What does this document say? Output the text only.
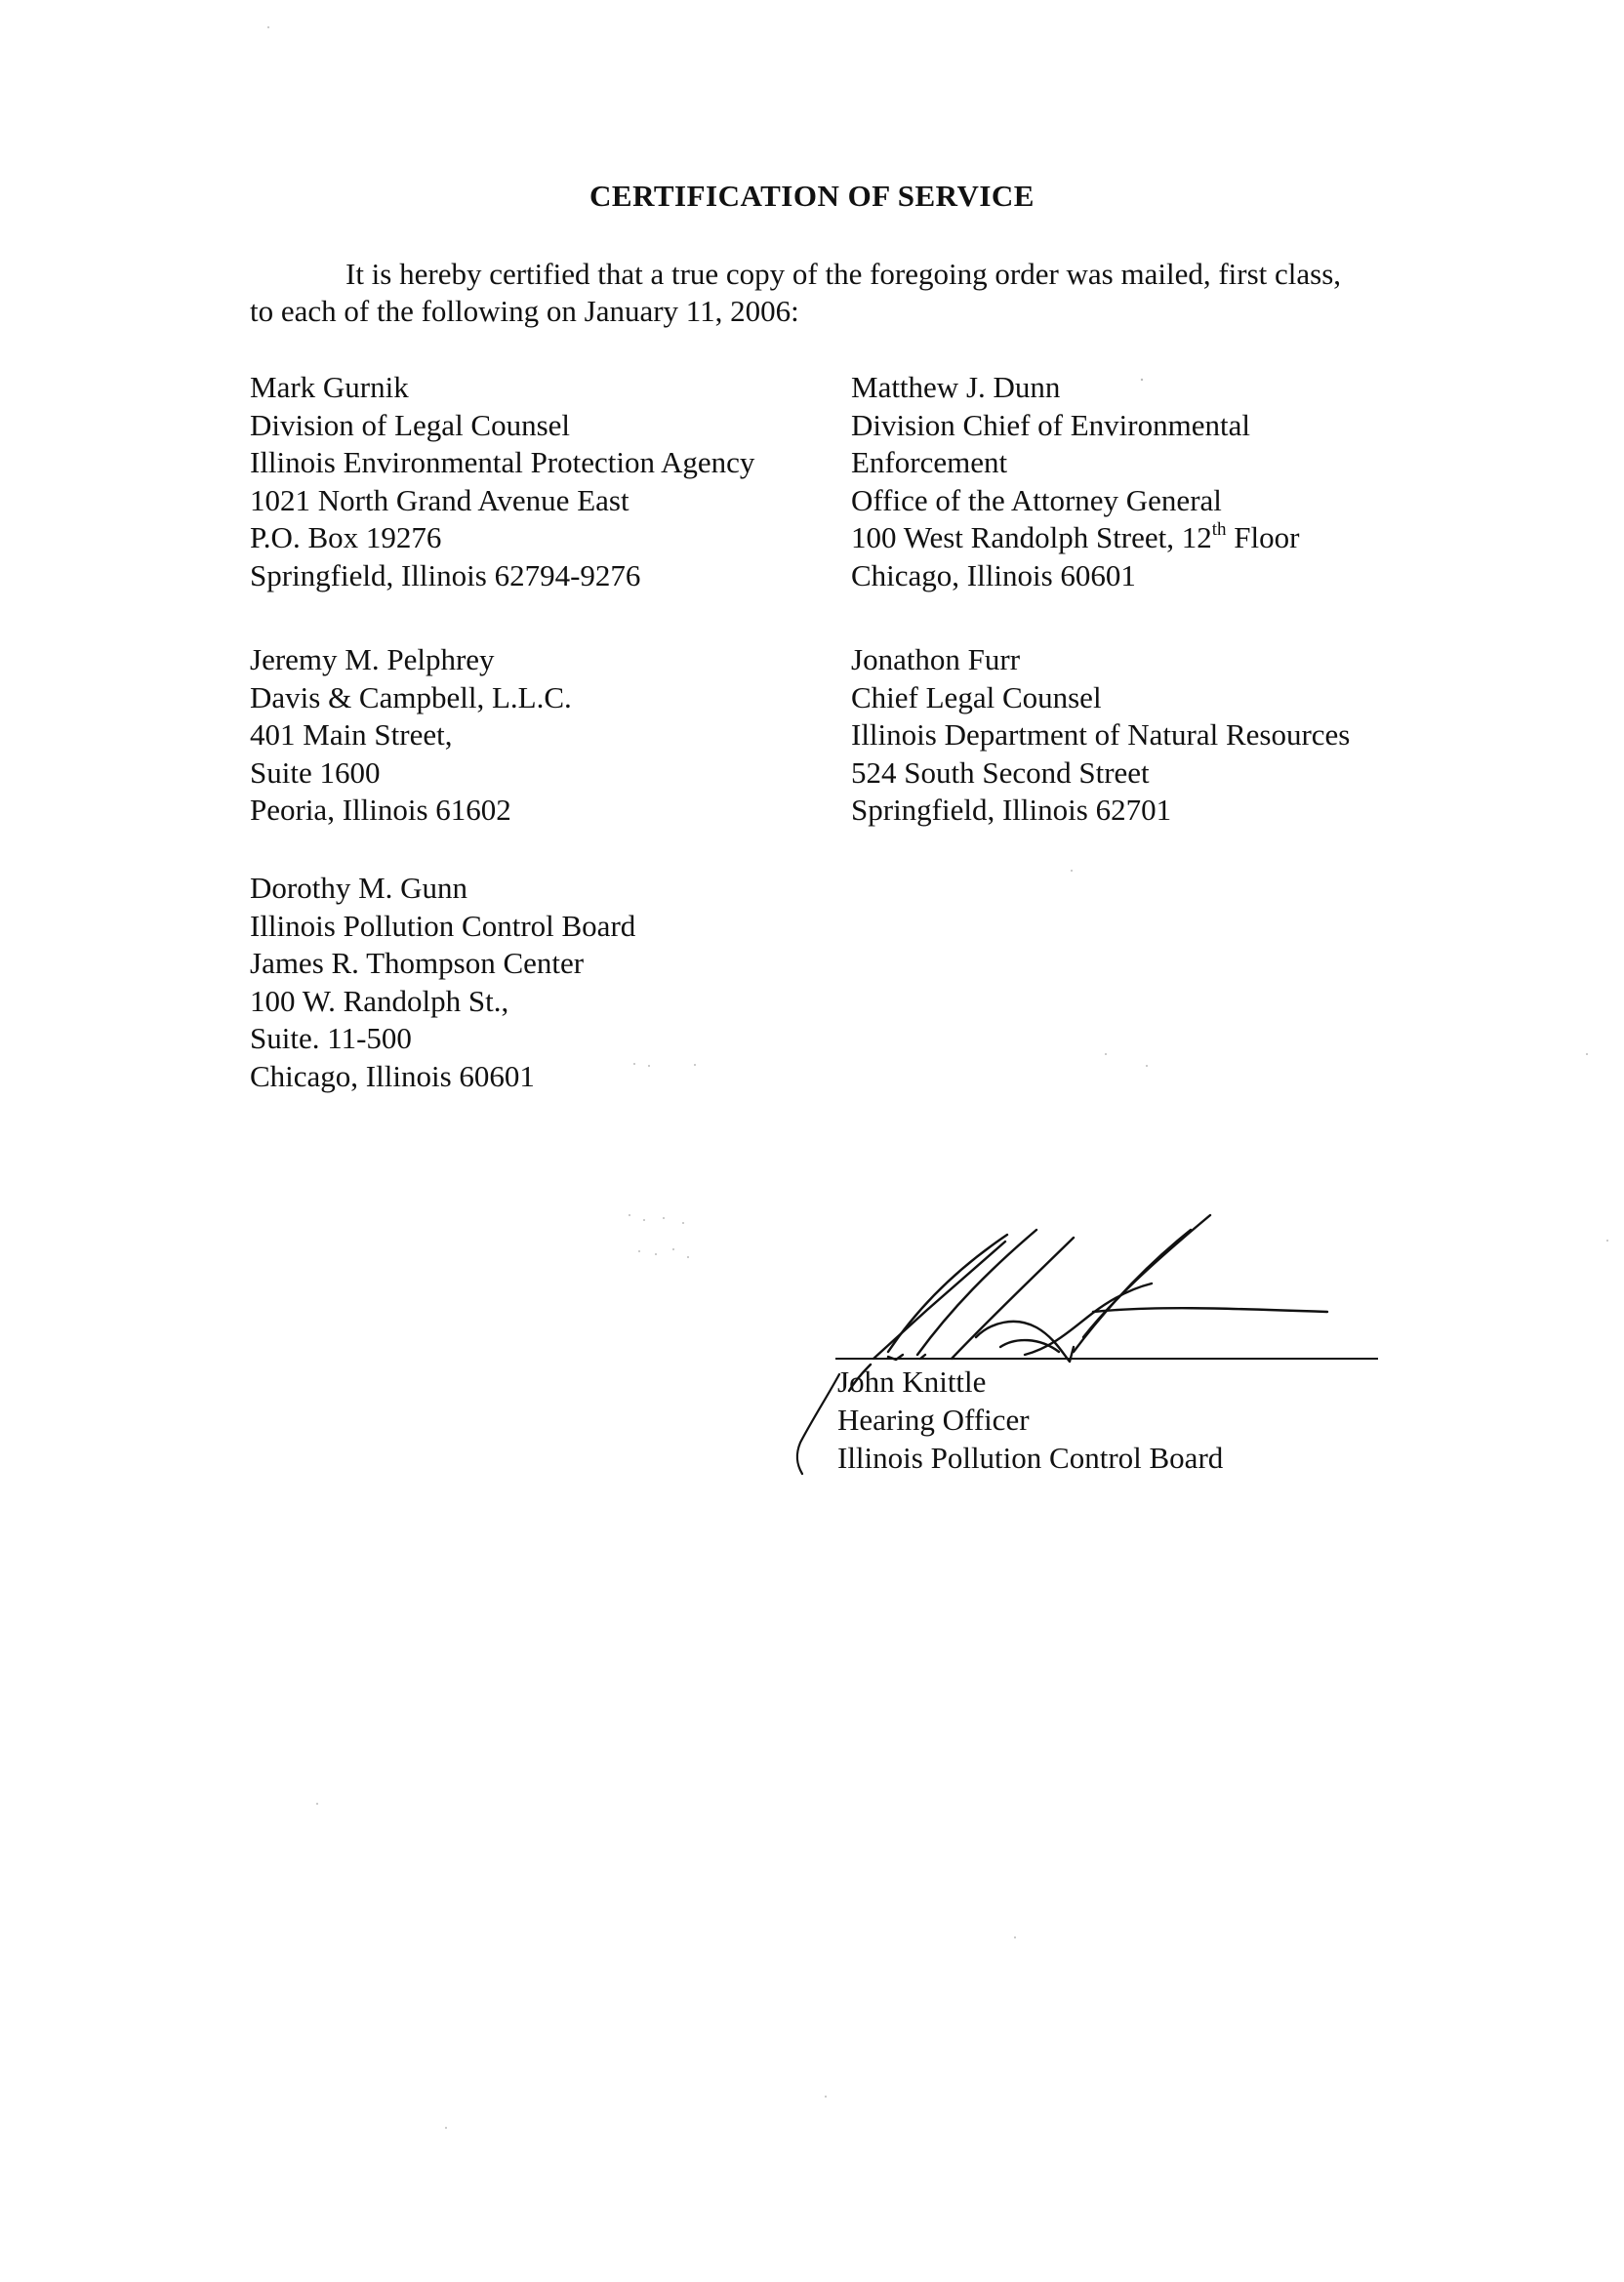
CERTIFICATION OF SERVICE
It is hereby certified that a true copy of the foregoing order was mailed, first class,
to each of the following on January 11, 2006:
Mark Gurnik
Division of Legal Counsel
Illinois Environmental Protection Agency
1021 North Grand Avenue East
P.O. Box 19276
Springfield, Illinois 62794-9276
Jeremy M. Pelphrey
Davis & Campbell, L.L.C.
401 Main Street,
Suite 1600
Peoria, Illinois 61602
Dorothy M. Gunn
Illinois Pollution Control Board
James R. Thompson Center
100 W. Randolph St.,
Suite. 11-500
Chicago, Illinois 60601
Matthew J. Dunn
Division Chief of Environmental
Enforcement
Office of the Attorney General
100 West Randolph Street, 12th Floor
Chicago, Illinois 60601
Jonathon Furr
Chief Legal Counsel
Illinois Department of Natural Resources
524 South Second Street
Springfield, Illinois 62701
John Knittle
Hearing Officer
Illinois Pollution Control Board
